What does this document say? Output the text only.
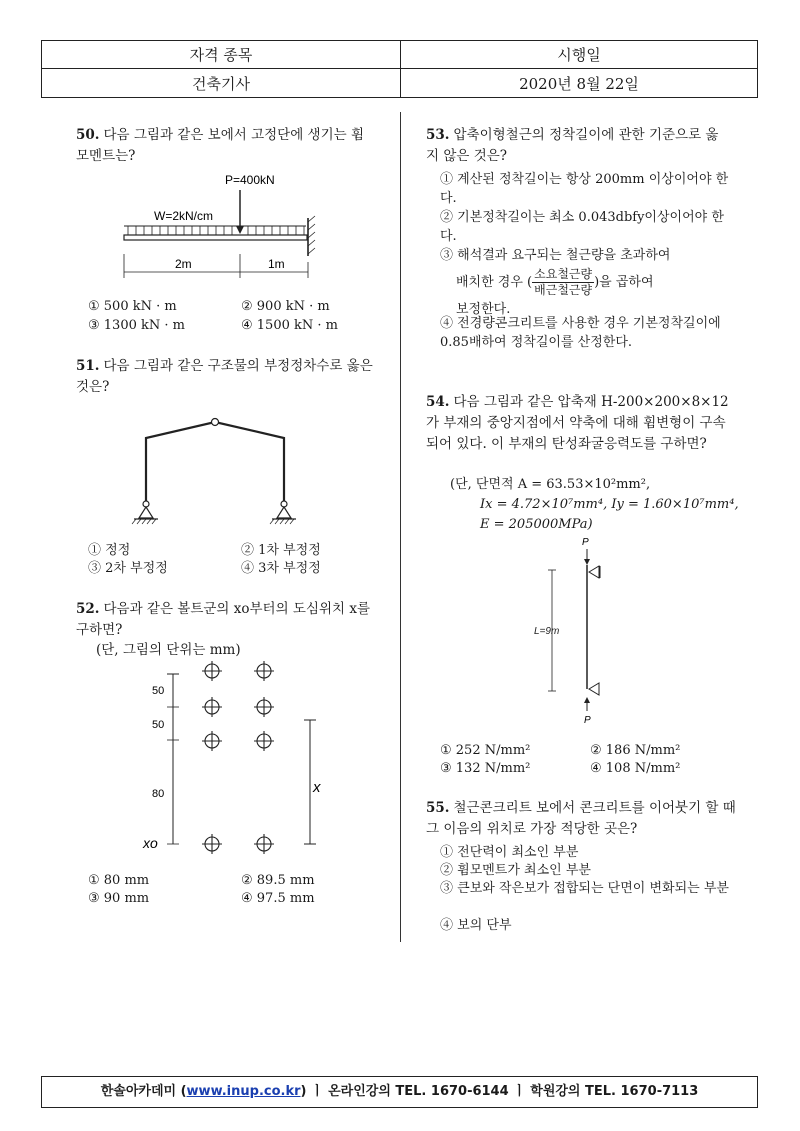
자격 종목	시행일
건축기사	2020년 8월 22일
50. 다음 그림과 같은 보에서 고정단에 생기는 휨모멘트는?
P=400kN
W=2kN/cm
2m	1m
① 500 kN · m	② 900 kN · m
③ 1300 kN · m	④ 1500 kN · m
51. 다음 그림과 같은 구조물의 부정정차수로 옳은 것은?
① 정정	② 1차 부정정
③ 2차 부정정	④ 3차 부정정
52. 다음과 같은 볼트군의 xo부터의 도심위치 x를 구하면?
(단, 그림의 단위는 mm)
50
50
80
xo
x
① 80 mm	② 89.5 mm
③ 90 mm	④ 97.5 mm
53. 압축이형철근의 정착길이에 관한 기준으로 옳지 않은 것은?
① 계산된 정착길이는 항상 200mm 이상이어야 한다.
② 기본정착길이는 최소 0.043dbfy이상이어야 한다.
③ 해석결과 요구되는 철근량을 초과하여
배치한 경우 ( $\frac{\text{소요철근량}}{\text{배근철근량}}$ )을 곱하여
보정한다.
④ 전경량콘크리트를 사용한 경우 기본정착길이에 0.85배하여 정착길이를 산정한다.
54. 다음 그림과 같은 압축재 H-200×200×8×12가 부재의 중앙지점에서 약축에 대해 휨변형이 구속되어 있다. 이 부재의 탄성좌굴응력도를 구하면?
(단, 단면적 A = 63.53×10²mm²,
Ix = 4.72×10⁷mm⁴, Iy = 1.60×10⁷mm⁴,
E = 205000MPa)
P
L=9m
P
① 252 N/mm²	② 186 N/mm²
③ 132 N/mm²	④ 108 N/mm²
55. 철근콘크리트 보에서 콘크리트를 이어붓기 할 때 그 이음의 위치로 가장 적당한 곳은?
① 전단력이 최소인 부분
② 휨모멘트가 최소인 부분
③ 큰보와 작은보가 접합되는 단면이 변화되는 부분
④ 보의 단부
한솔아카데미 (www.inup.co.kr) ㅣ 온라인강의 TEL. 1670-6144 ㅣ 학원강의 TEL. 1670-7113
